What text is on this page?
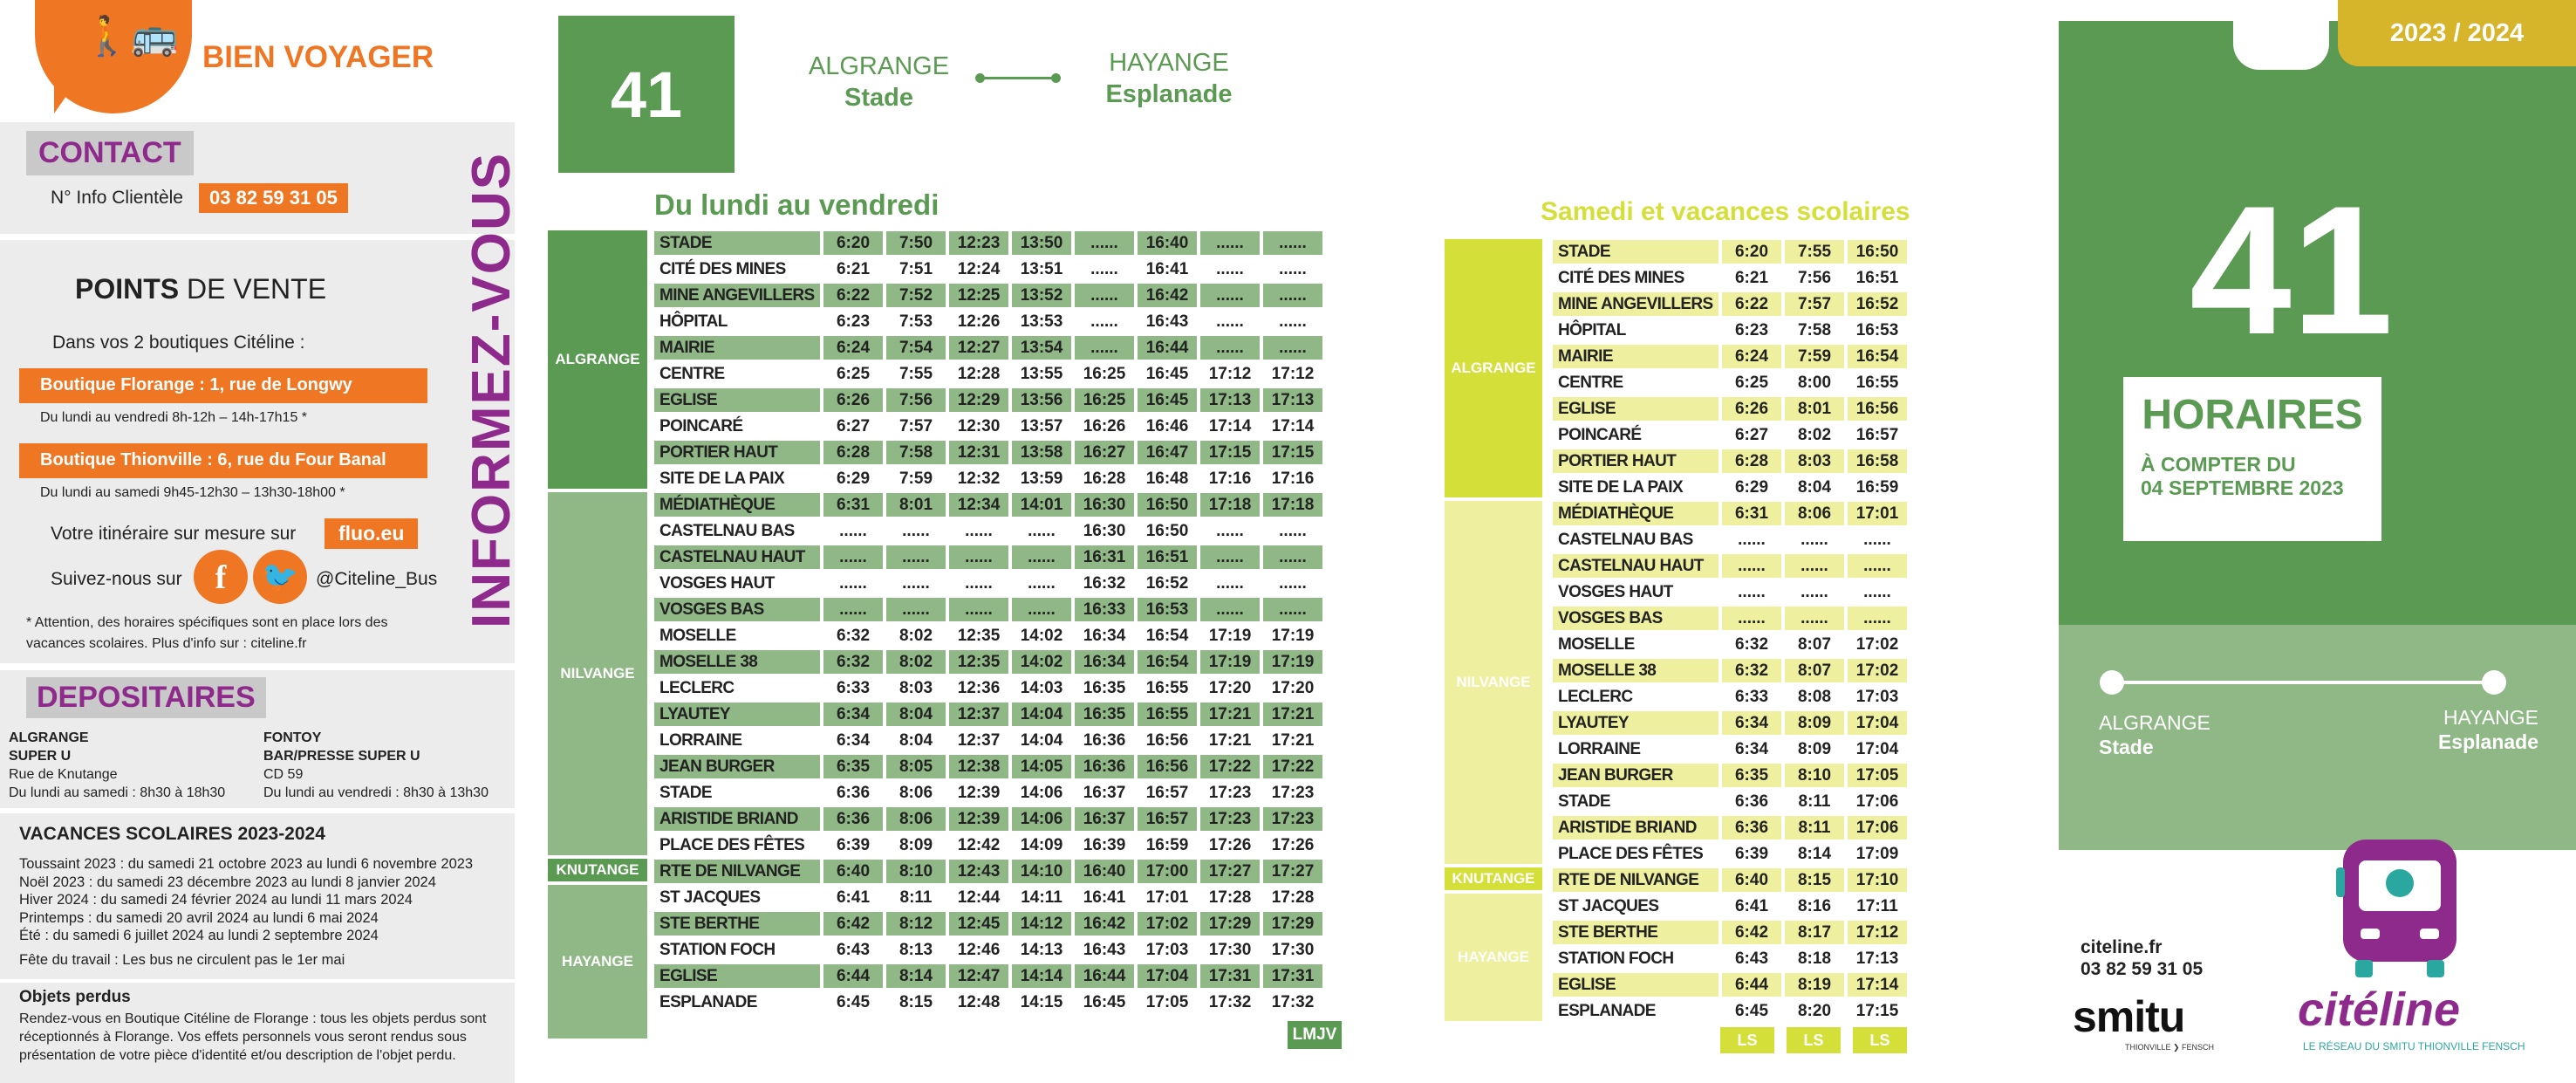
🚶🚌 BIEN VOYAGER
CONTACT
N° Info Clientèle	03 82 59 31 05
POINTS DE VENTE
Dans vos 2 boutiques Citéline :
Boutique Florange : 1, rue de Longwy
Du lundi au vendredi 8h-12h – 14h-17h15 *
Boutique Thionville : 6, rue du Four Banal
Du lundi au samedi 9h45-12h30 – 13h30-18h00 *
Votre itinéraire sur mesure sur	fluo.eu
Suivez-nous sur	f	🐦 @Citeline_Bus
* Attention, des horaires spécifiques sont en place lors des
vacances scolaires. Plus d'info sur : citeline.fr
INFORMEZ-VOUS
DEPOSITAIRES
ALGRANGE
SUPER U
Rue de Knutange
Du lundi au samedi : 8h30 à 18h30
FONTOY
BAR/PRESSE SUPER U
CD 59
Du lundi au vendredi : 8h30 à 13h30
VACANCES SCOLAIRES 2023-2024
Toussaint 2023 : du samedi 21 octobre 2023 au lundi 6 novembre 2023
Noël 2023 : du samedi 23 décembre 2023 au lundi 8 janvier 2024
Hiver 2024 : du samedi 24 février 2024 au lundi 11 mars 2024
Printemps : du samedi 20 avril 2024 au lundi 6 mai 2024
Été : du samedi 6 juillet 2024 au lundi 2 septembre 2024
Fête du travail : Les bus ne circulent pas le 1er mai
Objets perdus
Rendez-vous en Boutique Citéline de Florange : tous les objets perdus sont
réceptionnés à Florange. Vos effets personnels vous seront rendus sous
présentation de votre pièce d'identité et/ou description de l'objet perdu.
41	ALGRANGE
Stade
HAYANGE
Esplanade
Du lundi au vendredi
ALGRANGE
NILVANGE
KNUTANGE
HAYANGE
STADE	6:20	7:50	12:23	13:50	......	16:40	......	......
CITÉ DES MINES	6:21	7:51	12:24	13:51	......	16:41	......	......
MINE ANGEVILLERS	6:22	7:52	12:25	13:52	......	16:42	......	......
HÔPITAL	6:23	7:53	12:26	13:53	......	16:43	......	......
MAIRIE	6:24	7:54	12:27	13:54	......	16:44	......	......
CENTRE	6:25	7:55	12:28	13:55	16:25	16:45	17:12	17:12
EGLISE	6:26	7:56	12:29	13:56	16:25	16:45	17:13	17:13
POINCARÉ	6:27	7:57	12:30	13:57	16:26	16:46	17:14	17:14
PORTIER HAUT	6:28	7:58	12:31	13:58	16:27	16:47	17:15	17:15
SITE DE LA PAIX	6:29	7:59	12:32	13:59	16:28	16:48	17:16	17:16
MÉDIATHÈQUE	6:31	8:01	12:34	14:01	16:30	16:50	17:18	17:18
CASTELNAU BAS	......	......	......	......	16:30	16:50	......	......
CASTELNAU HAUT	......	......	......	......	16:31	16:51	......	......
VOSGES HAUT	......	......	......	......	16:32	16:52	......	......
VOSGES BAS	......	......	......	......	16:33	16:53	......	......
MOSELLE	6:32	8:02	12:35	14:02	16:34	16:54	17:19	17:19
MOSELLE 38	6:32	8:02	12:35	14:02	16:34	16:54	17:19	17:19
LECLERC	6:33	8:03	12:36	14:03	16:35	16:55	17:20	17:20
LYAUTEY	6:34	8:04	12:37	14:04	16:35	16:55	17:21	17:21
LORRAINE	6:34	8:04	12:37	14:04	16:36	16:56	17:21	17:21
JEAN BURGER	6:35	8:05	12:38	14:05	16:36	16:56	17:22	17:22
STADE	6:36	8:06	12:39	14:06	16:37	16:57	17:23	17:23
ARISTIDE BRIAND	6:36	8:06	12:39	14:06	16:37	16:57	17:23	17:23
PLACE DES FÊTES	6:39	8:09	12:42	14:09	16:39	16:59	17:26	17:26
RTE DE NILVANGE	6:40	8:10	12:43	14:10	16:40	17:00	17:27	17:27
ST JACQUES	6:41	8:11	12:44	14:11	16:41	17:01	17:28	17:28
STE BERTHE	6:42	8:12	12:45	14:12	16:42	17:02	17:29	17:29
STATION FOCH	6:43	8:13	12:46	14:13	16:43	17:03	17:30	17:30
EGLISE	6:44	8:14	12:47	14:14	16:44	17:04	17:31	17:31
ESPLANADE	6:45	8:15	12:48	14:15	16:45	17:05	17:32	17:32
LMJV
Samedi et vacances scolaires
ALGRANGE
NILVANGE
KNUTANGE
HAYANGE
STADE	6:20	7:55	16:50
CITÉ DES MINES	6:21	7:56	16:51
MINE ANGEVILLERS	6:22	7:57	16:52
HÔPITAL	6:23	7:58	16:53
MAIRIE	6:24	7:59	16:54
CENTRE	6:25	8:00	16:55
EGLISE	6:26	8:01	16:56
POINCARÉ	6:27	8:02	16:57
PORTIER HAUT	6:28	8:03	16:58
SITE DE LA PAIX	6:29	8:04	16:59
MÉDIATHÈQUE	6:31	8:06	17:01
CASTELNAU BAS	......	......	......
CASTELNAU HAUT	......	......	......
VOSGES HAUT	......	......	......
VOSGES BAS	......	......	......
MOSELLE	6:32	8:07	17:02
MOSELLE 38	6:32	8:07	17:02
LECLERC	6:33	8:08	17:03
LYAUTEY	6:34	8:09	17:04
LORRAINE	6:34	8:09	17:04
JEAN BURGER	6:35	8:10	17:05
STADE	6:36	8:11	17:06
ARISTIDE BRIAND	6:36	8:11	17:06
PLACE DES FÊTES	6:39	8:14	17:09
RTE DE NILVANGE	6:40	8:15	17:10
ST JACQUES	6:41	8:16	17:11
STE BERTHE	6:42	8:17	17:12
STATION FOCH	6:43	8:18	17:13
EGLISE	6:44	8:19	17:14
ESPLANADE	6:45	8:20	17:15
LS	LS	LS
BUS
2023 / 2024
41
HORAIRES
À COMPTER DU
04 SEPTEMBRE 2023
ALGRANGE
Stade
HAYANGE
Esplanade
citeline.fr
03 82 59 31 05
smitu
THIONVILLE ❯ FENSCH
citéline
LE RÉSEAU DU SMITU THIONVILLE FENSCH
